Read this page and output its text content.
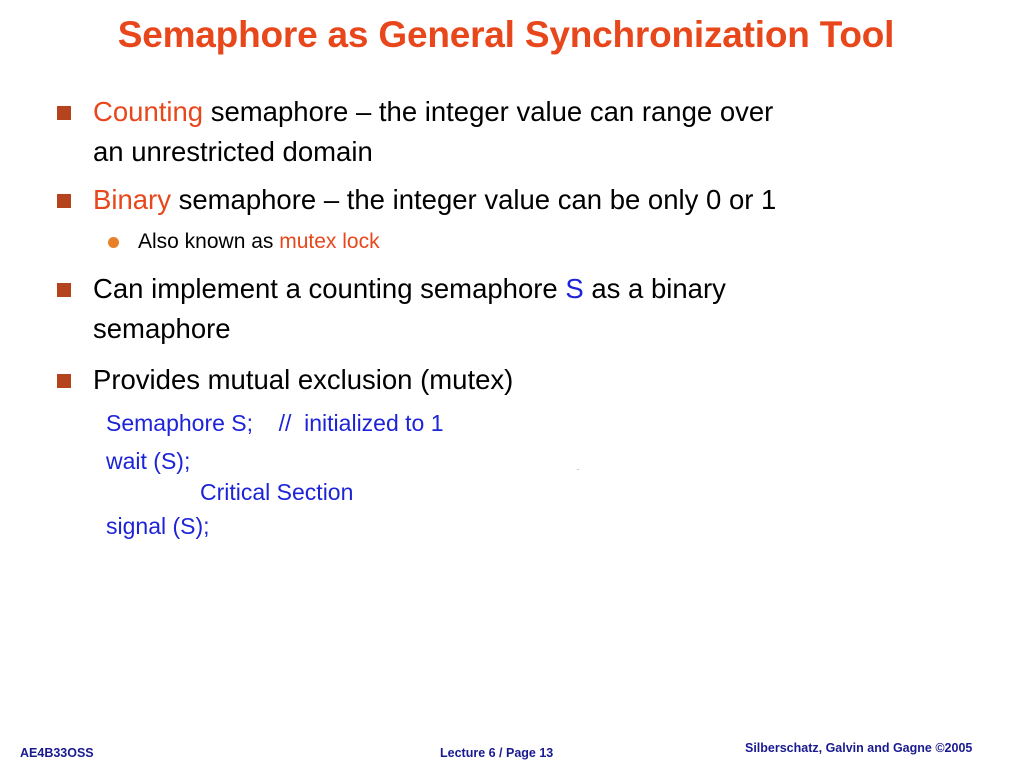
Semaphore as General Synchronization Tool
Counting semaphore – the integer value can range over
an unrestricted domain
Binary semaphore – the integer value can be only 0 or 1
Also known as mutex lock
Can implement a counting semaphore S as a binary
semaphore
Provides mutual exclusion (mutex)
Semaphore S;    //  initialized to 1
wait (S);
Critical Section
signal (S);
AE4B33OSS	Lecture 6 / Page 13	Silberschatz, Galvin and Gagne ©2005
